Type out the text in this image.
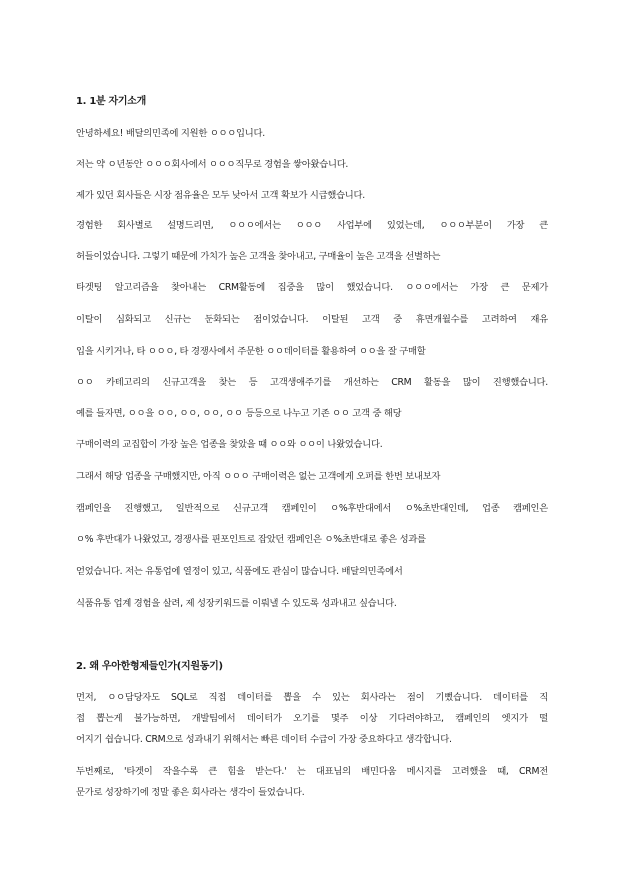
1. 1분 자기소개
안녕하세요! 배달의민족에 지원한 ㅇㅇㅇ입니다.
저는 약 ㅇ년동안 ㅇㅇㅇ회사에서 ㅇㅇㅇ직무로 경험을 쌓아왔습니다.
제가 있던 회사들은 시장 점유율은 모두 낮아서 고객 확보가 시급했습니다.
경험한 회사별로 설명드리면, ㅇㅇㅇ에서는 ㅇㅇㅇ 사업부에 있었는데, ㅇㅇㅇ부분이 가장 큰
허들이었습니다. 그렇기 때문에 가치가 높은 고객을 찾아내고, 구매율이 높은 고객을 선별하는
타겟팅 알고리즘을 찾아내는 CRM활동에 집중을 많이 했었습니다. ㅇㅇㅇ에서는 가장 큰 문제가
이탈이 심화되고 신규는 둔화되는 점이었습니다. 이탈된 고객 중 휴면개월수를 고려하여 재유
입을 시키거나, 타 ㅇㅇㅇ, 타 경쟁사에서 주문한 ㅇㅇ데이터를 활용하여 ㅇㅇ을 잘 구매할
ㅇㅇ 카테고리의 신규고객을 찾는 등 고객생애주기를 개선하는 CRM 활동을 많이 진행했습니다.
예를 들자면, ㅇㅇ을 ㅇㅇ, ㅇㅇ, ㅇㅇ, ㅇㅇ 등등으로 나누고 기존 ㅇㅇ 고객 중 해당
구매이력의 교집합이 가장 높은 업종을 찾았을 때 ㅇㅇ와 ㅇㅇ이 나왔었습니다.
그래서 해당 업종을 구매했지만, 아직 ㅇㅇㅇ 구매이력은 없는 고객에게 오퍼를 한번 보내보자
캠페인을 진행했고, 일반적으로 신규고객 캠페인이 ㅇ%후반대에서 ㅇ%초반대인데, 업종 캠페인은
ㅇ% 후반대가 나왔었고, 경쟁사를 핀포인트로 잡았던 캠페인은 ㅇ%초반대로 좋은 성과를
얻었습니다. 저는 유통업에 열정이 있고, 식품에도 관심이 많습니다. 배달의민족에서
식품유통 업계 경험을 살려, 제 성장키워드를 이뤄낼 수 있도록 성과내고 싶습니다.
2. 왜 우아한형제들인가(지원동기)
먼저, ㅇㅇ담당자도 SQL로 직접 데이터를 뽑을 수 있는 회사라는 점이 기뻤습니다. 데이터를 직
접 뽑는게 불가능하면, 개발팀에서 데이터가 오기를 몇주 이상 기다려야하고, 캠페인의 엣지가 떨
어지기 쉽습니다. CRM으로 성과내기 위해서는 빠른 데이터 수급이 가장 중요하다고 생각합니다.
두번째로, '타겟이 작을수록 큰 힘을 받는다.' 는 대표님의 배민다움 메시지를 고려했을 때, CRM전
문가로 성장하기에 정말 좋은 회사라는 생각이 들었습니다.
